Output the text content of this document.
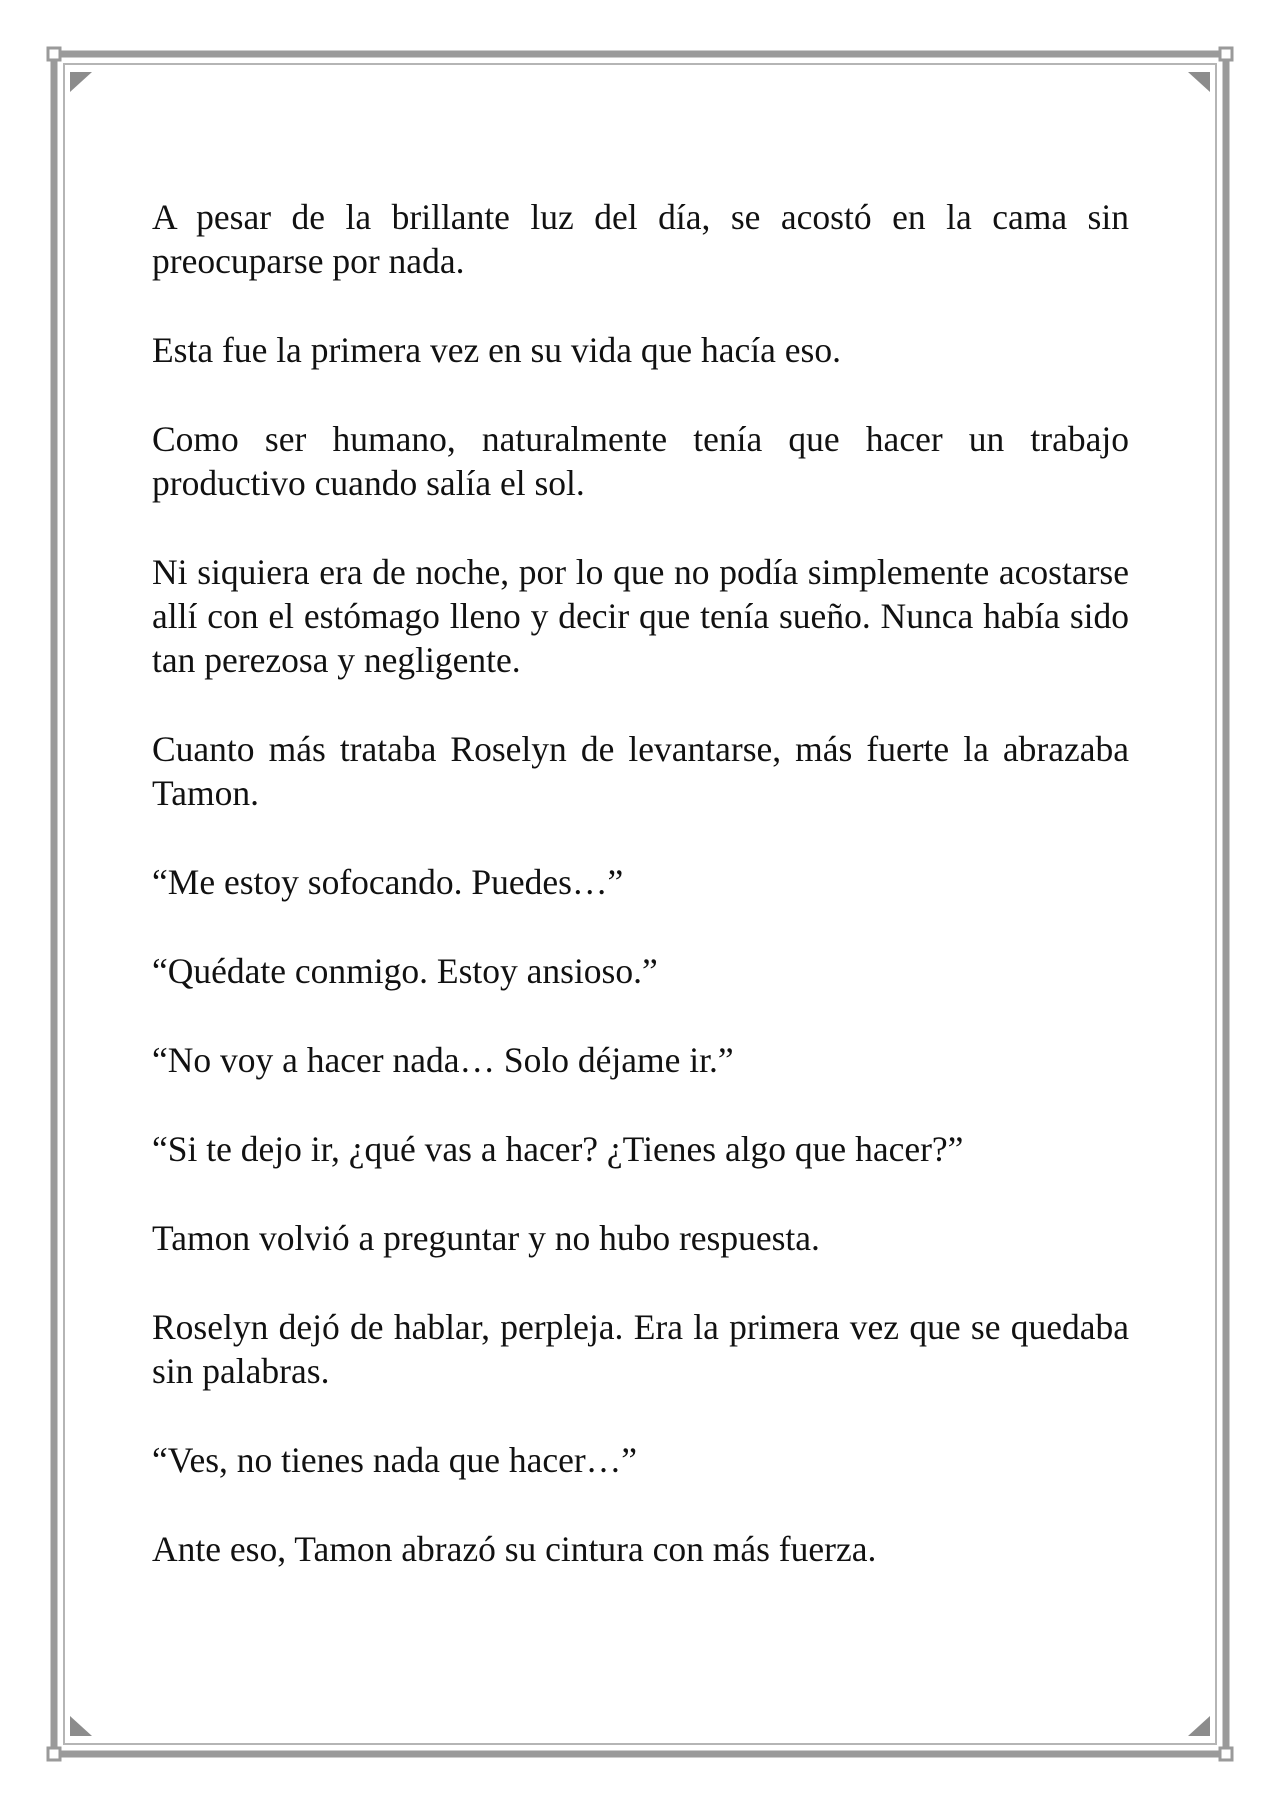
A pesar de la brillante luz del día, se acostó en la cama sin preocuparse por nada.

Esta fue la primera vez en su vida que hacía eso.

Como ser humano, naturalmente tenía que hacer un trabajo productivo cuando salía el sol.

Ni siquiera era de noche, por lo que no podía simplemente acostarse allí con el estómago lleno y decir que tenía sueño. Nunca había sido tan perezosa y negligente.

Cuanto más trataba Roselyn de levantarse, más fuerte la abrazaba Tamon.

“Me estoy sofocando. Puedes…”

“Quédate conmigo. Estoy ansioso.”

“No voy a hacer nada… Solo déjame ir.”

“Si te dejo ir, ¿qué vas a hacer? ¿Tienes algo que hacer?”

Tamon volvió a preguntar y no hubo respuesta.

Roselyn dejó de hablar, perpleja. Era la primera vez que se quedaba sin palabras.

“Ves, no tienes nada que hacer…”

Ante eso, Tamon abrazó su cintura con más fuerza.
